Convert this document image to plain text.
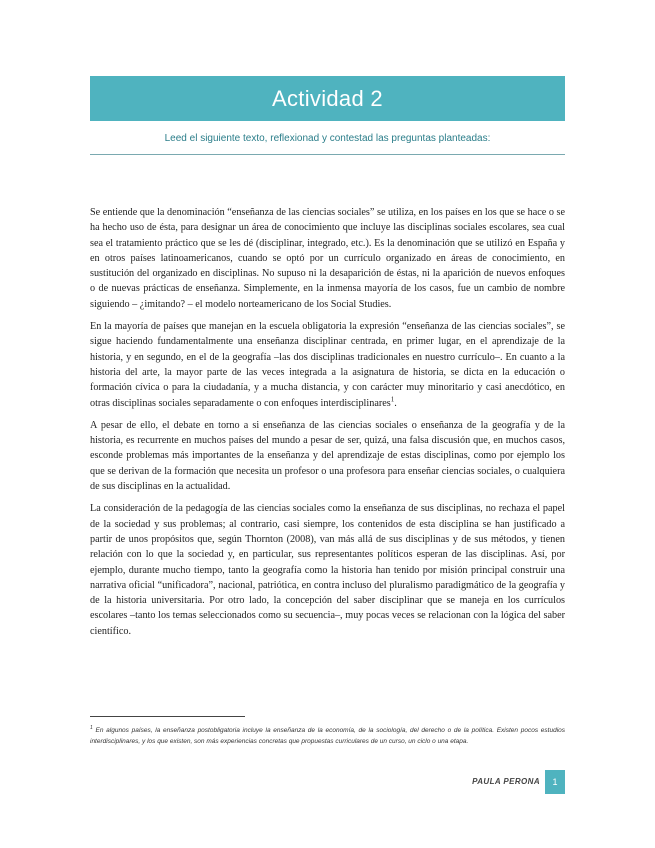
Actividad 2
Leed el siguiente texto, reflexionad y contestad las preguntas planteadas:

Se entiende que la denominación “enseñanza de las ciencias sociales” se utiliza, en los países en los que se hace o se ha hecho uso de ésta, para designar un área de conocimiento que incluye las disciplinas sociales escolares, sea cual sea el tratamiento práctico que se les dé (disciplinar, integrado, etc.). Es la denominación que se utilizó en España y en otros países latinoamericanos, cuando se optó por un currículo organizado en áreas de conocimiento, en sustitución del organizado en disciplinas. No supuso ni la desaparición de éstas, ni la aparición de nuevos enfoques o de nuevas prácticas de enseñanza. Simplemente, en la inmensa mayoría de los casos, fue un cambio de nombre siguiendo – ¿imitando? – el modelo norteamericano de los Social Studies.

En la mayoría de países que manejan en la escuela obligatoria la expresión “enseñanza de las ciencias sociales”, se sigue haciendo fundamentalmente una enseñanza disciplinar centrada, en primer lugar, en el aprendizaje de la historia, y en segundo, en el de la geografía –las dos disciplinas tradicionales en nuestro currículo–. En cuanto a la historia del arte, la mayor parte de las veces integrada a la asignatura de historia, se dicta en la educación o formación cívica o para la ciudadanía, y a mucha distancia, y con carácter muy minoritario y casi anecdótico, en otras disciplinas sociales separadamente o con enfoques interdisciplinares$^1$.

A pesar de ello, el debate en torno a si enseñanza de las ciencias sociales o enseñanza de la geografía y de la historia, es recurrente en muchos países del mundo a pesar de ser, quizá, una falsa discusión que, en muchos casos, esconde problemas más importantes de la enseñanza y del aprendizaje de estas disciplinas, como por ejemplo los que se derivan de la formación que necesita un profesor o una profesora para enseñar ciencias sociales, o cualquiera de sus disciplinas en la actualidad.

La consideración de la pedagogía de las ciencias sociales como la enseñanza de sus disciplinas, no rechaza el papel de la sociedad y sus problemas; al contrario, casi siempre, los contenidos de esta disciplina se han justificado a partir de unos propósitos que, según Thornton (2008), van más allá de sus disciplinas y de sus métodos, y tienen relación con lo que la sociedad y, en particular, sus representantes políticos esperan de las disciplinas. Así, por ejemplo, durante mucho tiempo, tanto la geografía como la historia han tenido por misión principal construir una narrativa oficial “unificadora”, nacional, patriótica, en contra incluso del pluralismo paradigmático de la geografía y de la historia universitaria. Por otro lado, la concepción del saber disciplinar que se maneja en los currículos escolares –tanto los temas seleccionados como su secuencia–, muy pocas veces se relacionan con la lógica del saber científico.

$^1$ En algunos países, la enseñanza postobligatoria incluye la enseñanza de la economía, de la sociología, del derecho o de la política. Existen pocos estudios interdisciplinares, y los que existen, son más experiencias concretas que propuestas curriculares de un curso, un ciclo o una etapa.
PAULA PERONA 1
